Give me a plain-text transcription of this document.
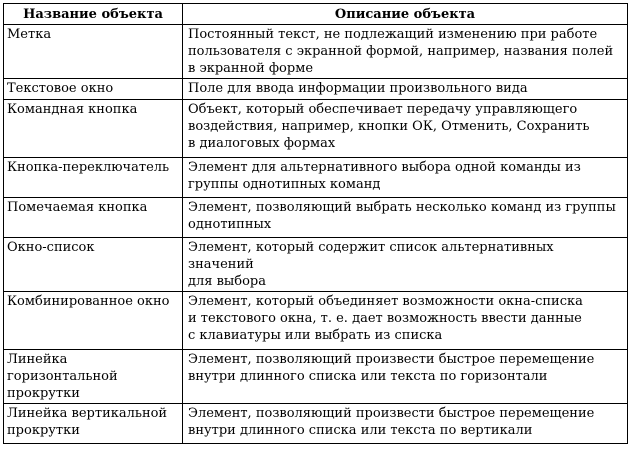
Название объекта	Описание объекта
Метка	Постоянный текст, не подлежащий изменению при работе
пользователя с экранной формой, например, названия полей
в экранной форме
Текстовое окно	Поле для ввода информации произвольного вида
Командная кнопка	Объект, который обеспечивает передачу управляющего
воздействия, например, кнопки ОК, Отменить, Сохранить
в диалоговых формах
Кнопка-переключатель	Элемент для альтернативного выбора одной команды из
группы однотипных команд
Помечаемая кнопка	Элемент, позволяющий выбрать несколько команд из группы
однотипных
Окно-список	Элемент, который содержит список альтернативных значений
для выбора
Комбинированное окно	Элемент, который объединяет возможности окна-списка
и текстового окна, т. е. дает возможность ввести данные
с клавиатуры или выбрать из списка
Линейка горизонтальной
прокрутки	Элемент, позволяющий произвести быстрое перемещение
внутри длинного списка или текста по горизонтали
Линейка вертикальной
прокрутки	Элемент, позволяющий произвести быстрое перемещение
внутри длинного списка или текста по вертикали
